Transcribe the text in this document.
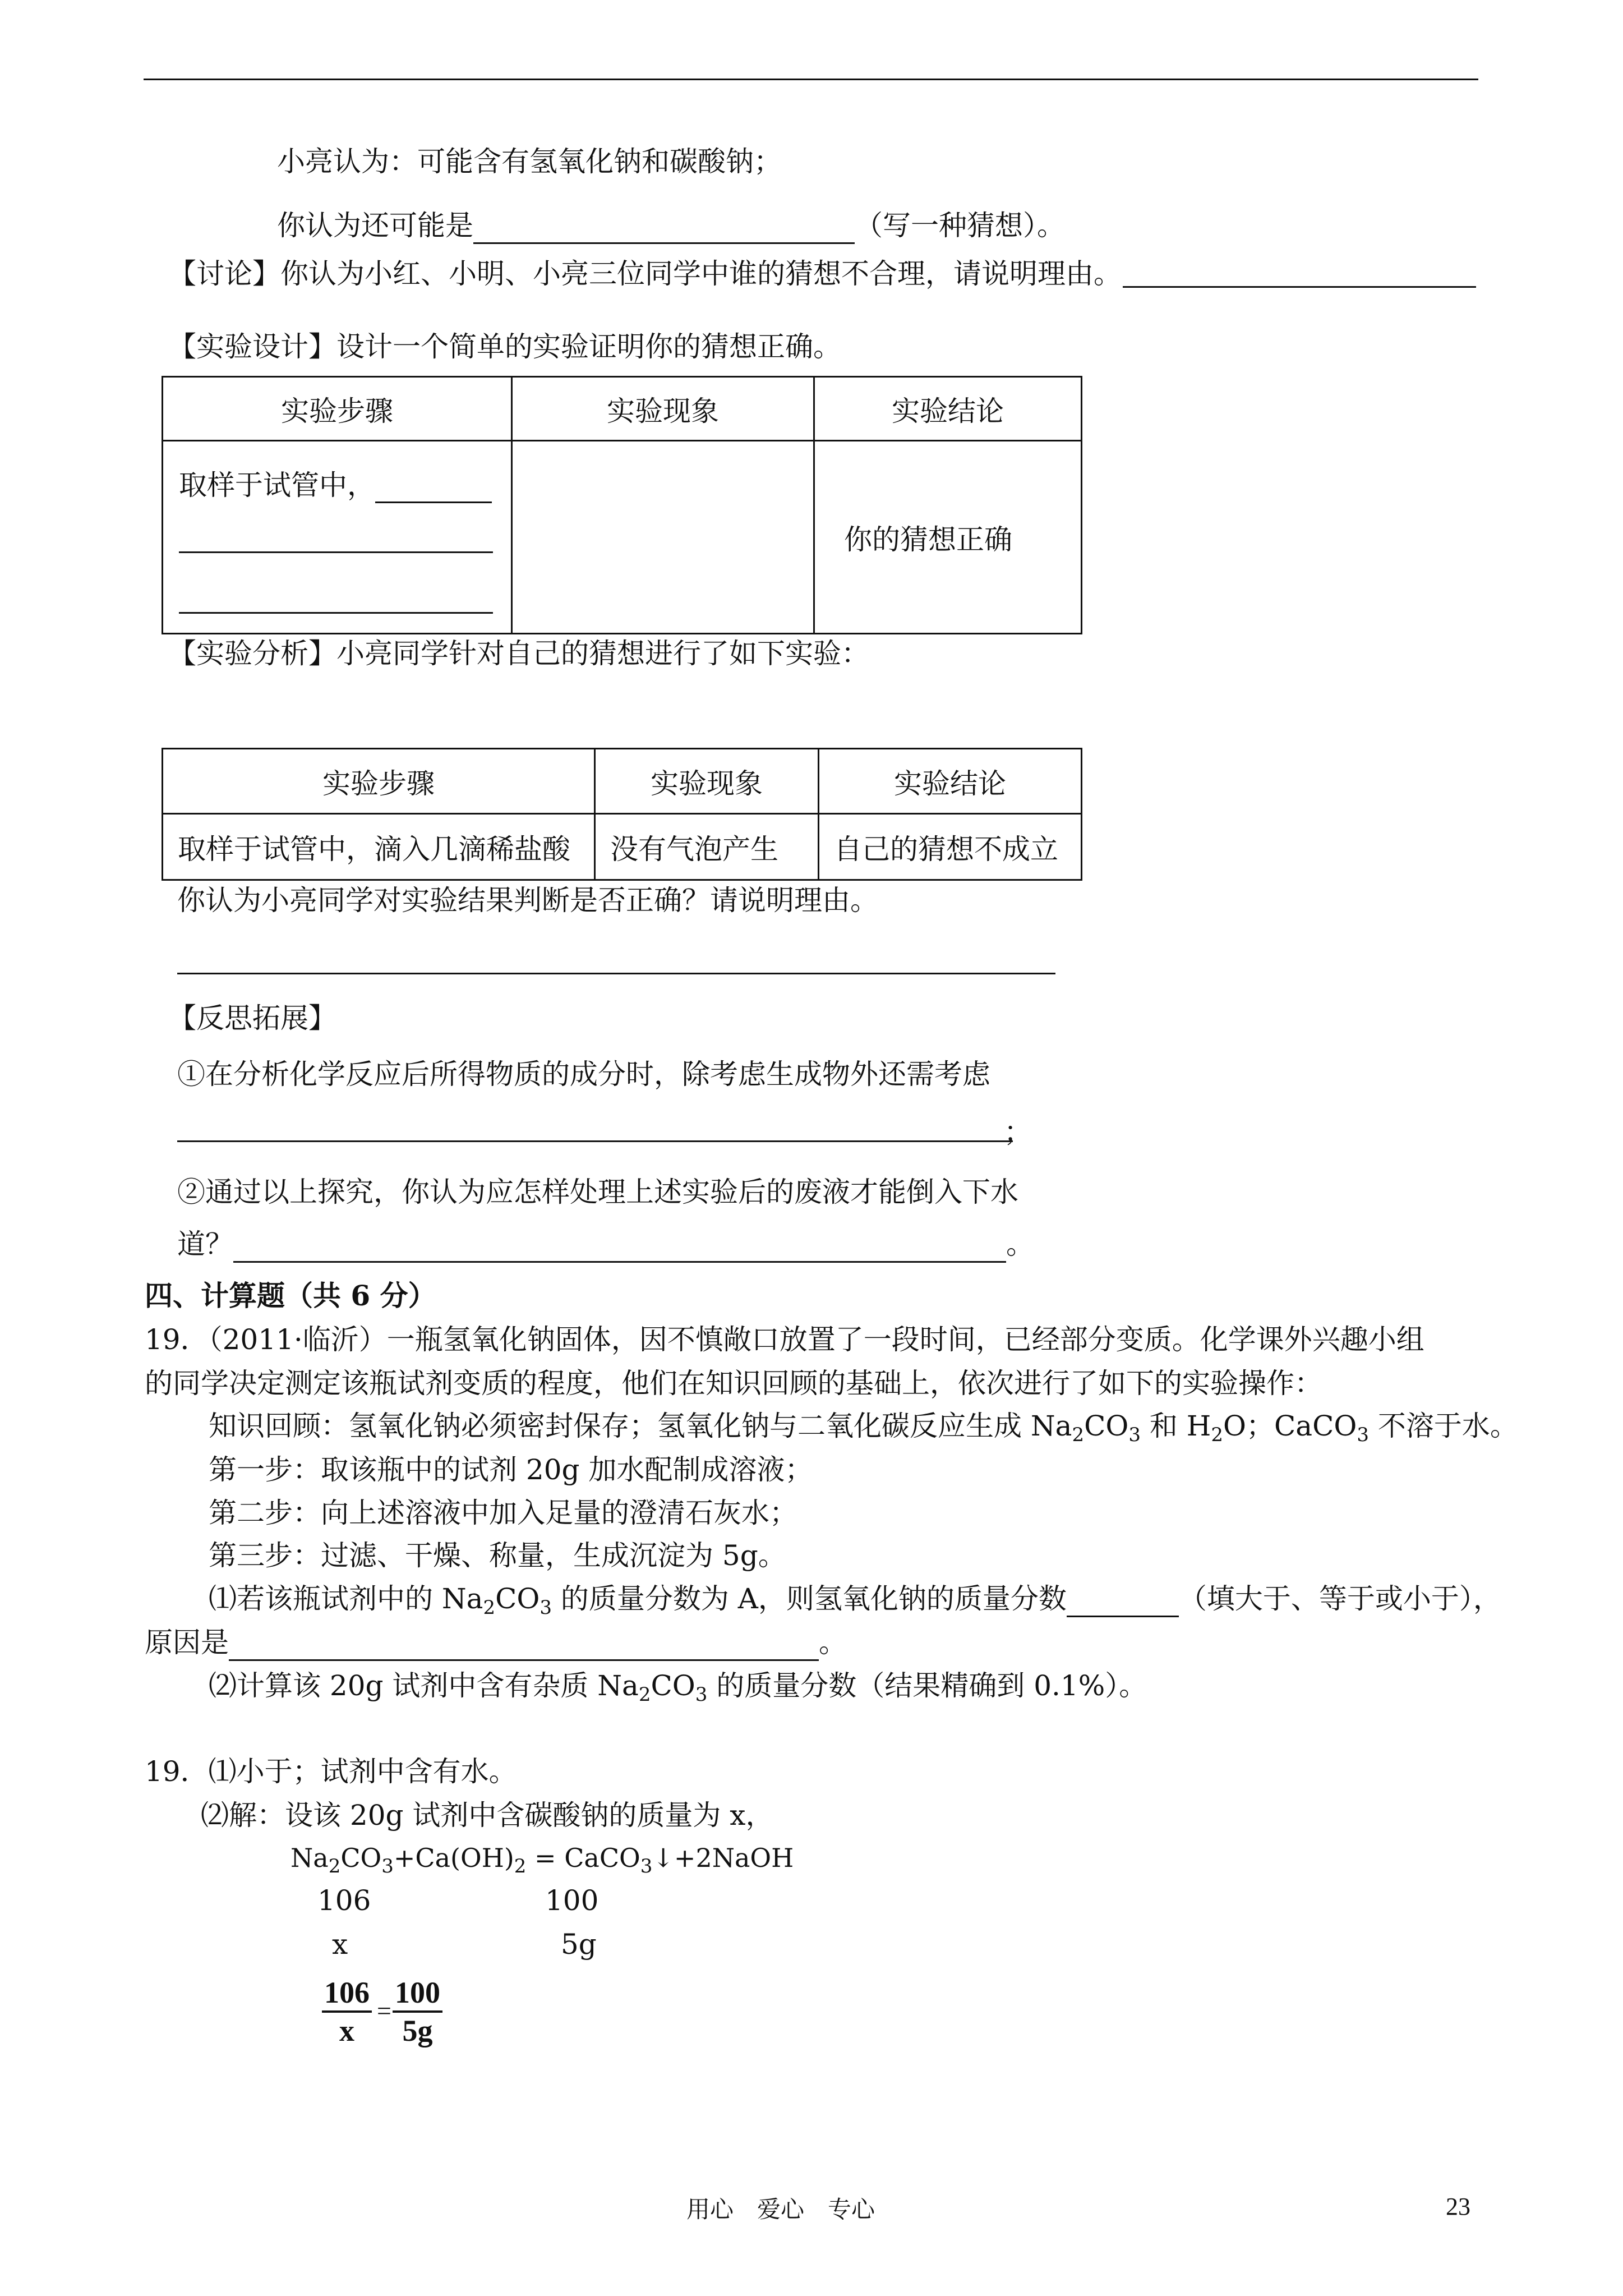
小亮认为：可能含有氢氧化钠和碳酸钠；
你认为还可能是	（写一种猜想）。
【讨论】你认为小红、小明、小亮三位同学中谁的猜想不合理，请说明理由。
【实验设计】设计一个简单的实验证明你的猜想正确。
实验步骤	实验现象	实验结论

取样于试管中，		你的猜想正确
【实验分析】小亮同学针对自己的猜想进行了如下实验：
实验步骤	实验现象	实验结论
取样于试管中，滴入几滴稀盐酸	没有气泡产生	自己的猜想不成立
你认为小亮同学对实验结果判断是否正确？请说明理由。
【反思拓展】
①在分析化学反应后所得物质的成分时，除考虑生成物外还需考虑
；
②通过以上探究，你认为应怎样处理上述实验后的废液才能倒入下水
道？	。
四、计算题（共 6 分）
19．（2011·临沂）一瓶氢氧化钠固体，因不慎敞口放置了一段时间，已经部分变质。化学课外兴趣小组
的同学决定测定该瓶试剂变质的程度，他们在知识回顾的基础上，依次进行了如下的实验操作：
知识回顾：氢氧化钠必须密封保存；氢氧化钠与二氧化碳反应生成 $Na_2CO_3$ 和 $H_2O$；CaCO$_3$ 不溶于水。
第一步：取该瓶中的试剂 20g 加水配制成溶液；
第二步：向上述溶液中加入足量的澄清石灰水；
第三步：过滤、干燥、称量，生成沉淀为 5g。
⑴若该瓶试剂中的 $Na_2CO_3$ 的质量分数为 A，则氢氧化钠的质量分数	（填大于、等于或小于），
原因是	。
⑵计算该 20g 试剂中含有杂质 $Na_2CO_3$ 的质量分数（结果精确到 0.1%）。
19．⑴小于；试剂中含有水。
⑵解：设该 20g 试剂中含碳酸钠的质量为 x，
$Na_2CO_3+Ca(OH)_2$ = CaCO$_3$↓+2NaOH
106	100
x	5g
106
x
=
100
5g
用心　爱心　专心	23
